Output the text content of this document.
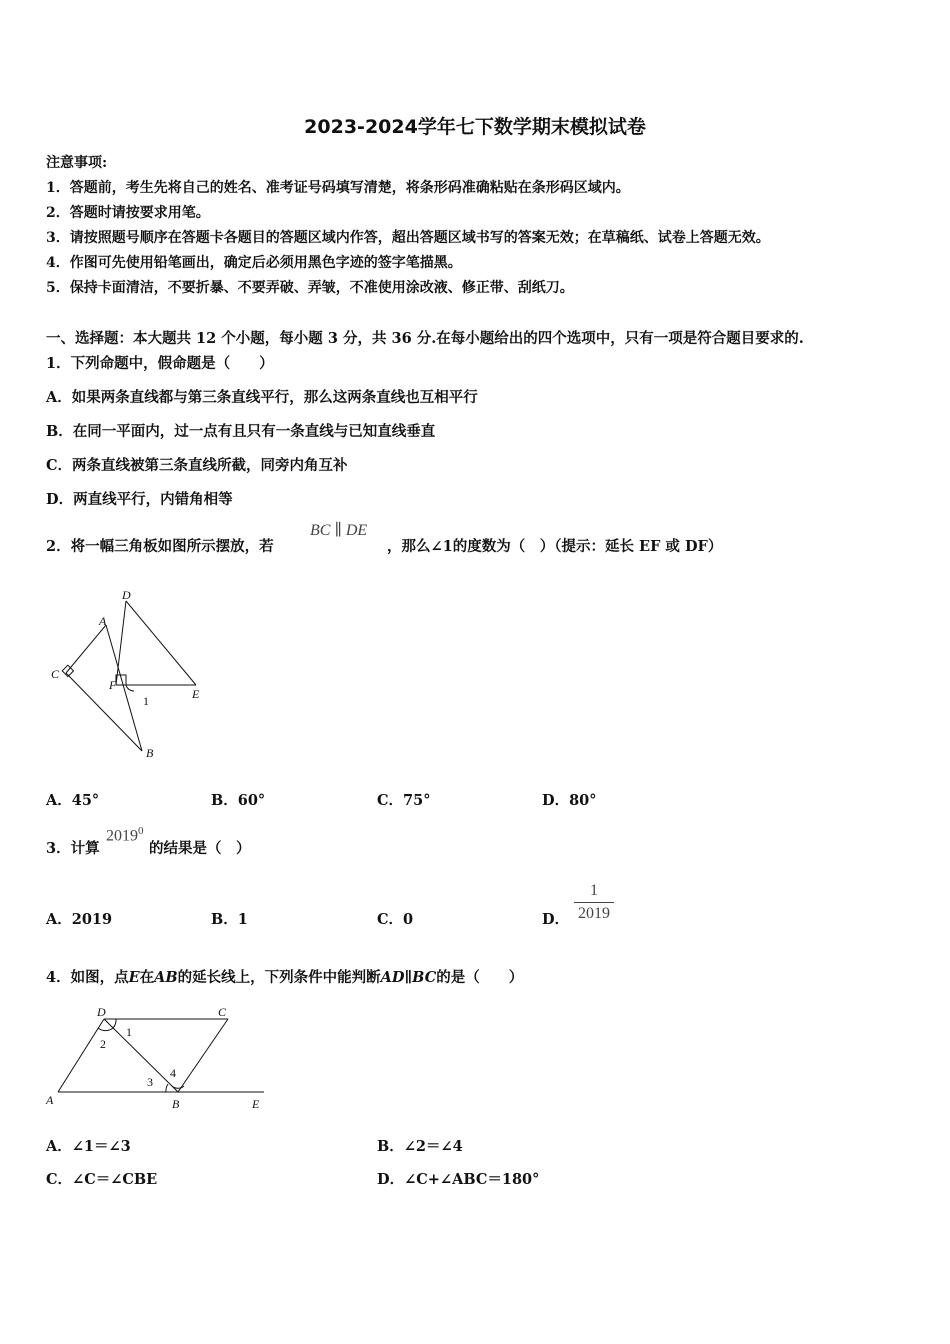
2023-2024学年七下数学期末模拟试卷
注意事项:
1．答题前，考生先将自己的姓名、准考证号码填写清楚，将条形码准确粘贴在条形码区域内。
2．答题时请按要求用笔。
3．请按照题号顺序在答题卡各题目的答题区域内作答，超出答题区域书写的答案无效；在草稿纸、试卷上答题无效。
4．作图可先使用铅笔画出，确定后必须用黑色字迹的签字笔描黑。
5．保持卡面清洁，不要折暴、不要弄破、弄皱，不准使用涂改液、修正带、刮纸刀。
一、选择题：本大题共 12 个小题，每小题 3 分，共 36 分.在每小题给出的四个选项中，只有一项是符合题目要求的.
1．下列命题中，假命题是（　　）
A．如果两条直线都与第三条直线平行，那么这两条直线也互相平行
B．在同一平面内，过一点有且只有一条直线与已知直线垂直
C．两条直线被第三条直线所截，同旁内角互补
D．两直线平行，内错角相等
2．将一幅三角板如图所示摆放，若
BC ∥ DE
，那么∠1的度数为（　）（提示：延长 EF 或 DF）
D
A
C
F
1	E
B
A．45°	B．60°	C．75°	D．80°
3．计算
2019$^0$
的结果是（　）
A．2019	B．1	C．0	D．
1
2019
4．如图，点E在AB的延长线上，下列条件中能判断AD∥BC的是（　　）
D	C
1
2
3
4
A	B	E
A．∠1＝∠3	B．∠2＝∠4
C．∠C＝∠CBE	D．∠C+∠ABC＝180°
